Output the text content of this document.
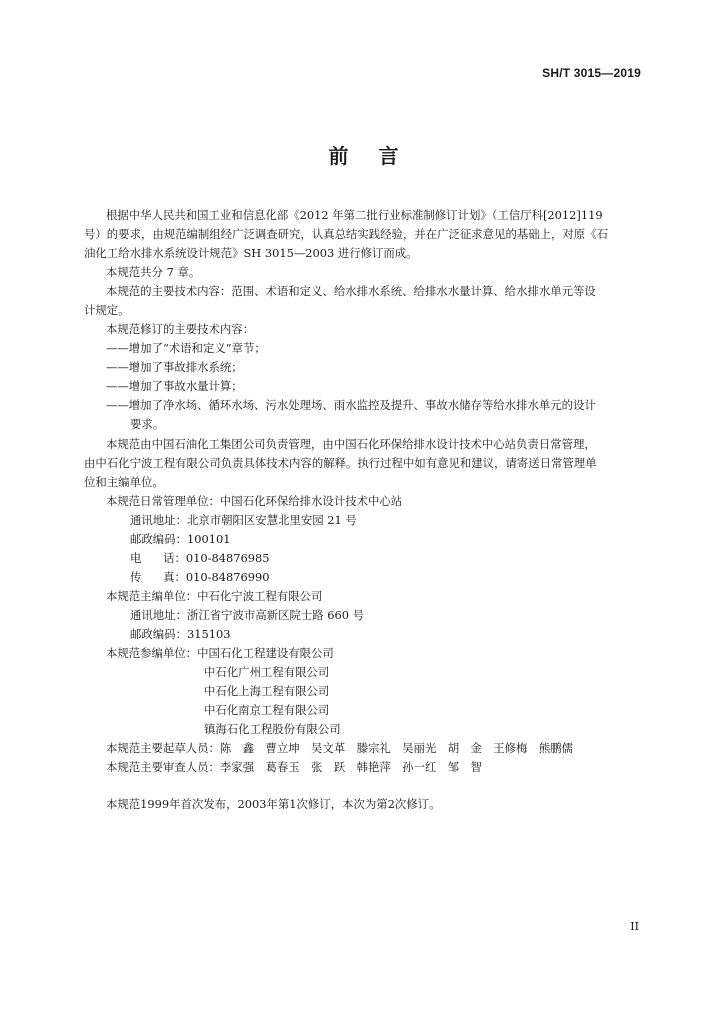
SH/T 3015—2019
前言
根据中华人民共和国工业和信息化部《2012 年第二批行业标准制修订计划》（工信厅科[2012]119
号）的要求，由规范编制组经广泛调查研究，认真总结实践经验，并在广泛征求意见的基础上，对原《石
油化工给水排水系统设计规范》SH 3015—2003 进行修订而成。
本规范共分 7 章。
本规范的主要技术内容：范围、术语和定义、给水排水系统、给排水水量计算、给水排水单元等设
计规定。
本规范修订的主要技术内容：
——增加了“术语和定义”章节；
——增加了事故排水系统；
——增加了事故水量计算；
——增加了净水场、循环水场、污水处理场、雨水监控及提升、事故水储存等给水排水单元的设计
要求。
本规范由中国石油化工集团公司负责管理，由中国石化环保给排水设计技术中心站负责日常管理，
由中石化宁波工程有限公司负责具体技术内容的解释。执行过程中如有意见和建议，请寄送日常管理单
位和主编单位。
本规范日常管理单位：中国石化环保给排水设计技术中心站
通讯地址：北京市朝阳区安慧北里安园 21 号
邮政编码：100101
电      话：010-84876985
传      真：010-84876990
本规范主编单位：中石化宁波工程有限公司
通讯地址：浙江省宁波市高新区院士路 660 号
邮政编码：315103
本规范参编单位：中国石化工程建设有限公司
中石化广州工程有限公司
中石化上海工程有限公司
中石化南京工程有限公司
镇海石化工程股份有限公司
本规范主要起草人员：陈　鑫　曹立坤　吴文革　滕宗礼　吴丽光　胡　金　王修梅　熊鹏儒
本规范主要审查人员：李家强　葛春玉　张　跃　韩艳萍　孙一红　邹　智
本规范1999年首次发布，2003年第1次修订，本次为第2次修订。
II
